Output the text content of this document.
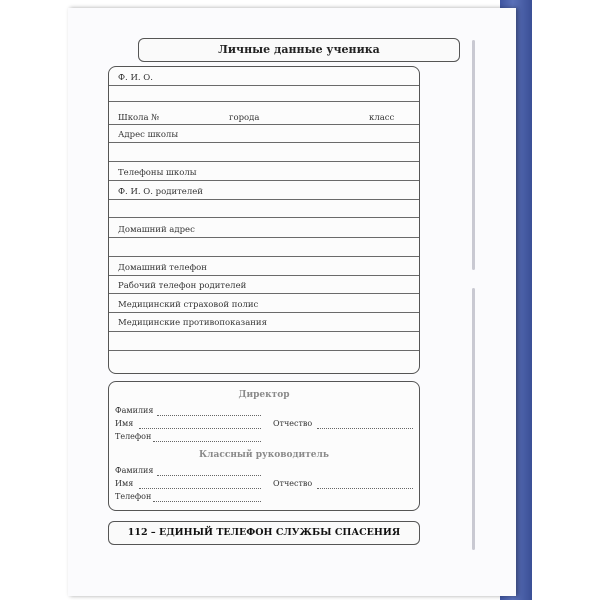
Личные данные ученика
Ф. И. О.
Школа №	города	класс
Адрес школы
Телефоны школы
Ф. И. О. родителей
Домашний адрес
Домашний телефон
Рабочий телефон родителей
Медицинский страховой полис
Медицинские противопоказания
Директор
Фамилия
Имя	Отчество
Телефон
Классный руководитель
Фамилия
Имя	Отчество
Телефон
112 – ЕДИНЫЙ ТЕЛЕФОН СЛУЖБЫ СПАСЕНИЯ
